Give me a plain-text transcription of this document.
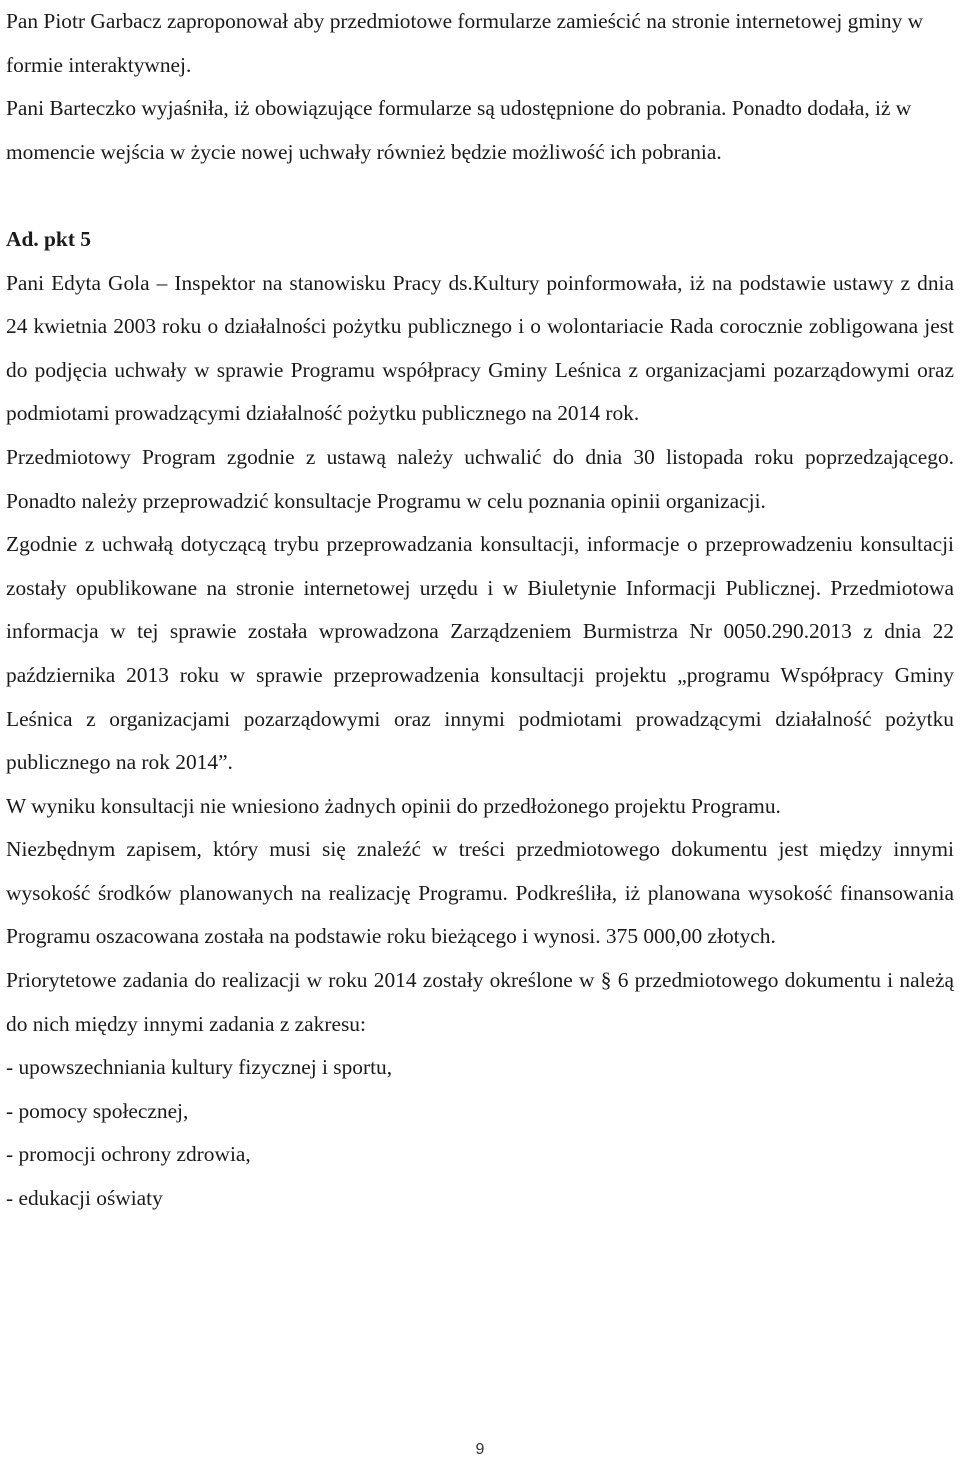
Pan Piotr Garbacz zaproponował aby przedmiotowe formularze zamieścić na stronie internetowej gminy w formie interaktywnej.

Pani Barteczko wyjaśniła, iż obowiązujące formularze są udostępnione do pobrania. Ponadto dodała, iż w momencie wejścia w życie nowej uchwały również będzie możliwość ich pobrania.

Ad. pkt 5

Pani Edyta Gola – Inspektor na stanowisku Pracy ds.Kultury poinformowała, iż na podstawie ustawy z dnia 24 kwietnia 2003 roku o działalności pożytku publicznego i o wolontariacie Rada corocznie zobligowana jest do podjęcia uchwały w sprawie Programu współpracy Gminy Leśnica z organizacjami pozarządowymi oraz podmiotami prowadzącymi działalność pożytku publicznego na 2014 rok.

Przedmiotowy Program zgodnie z ustawą należy uchwalić do dnia 30 listopada roku poprzedzającego. Ponadto należy przeprowadzić konsultacje Programu w celu poznania opinii organizacji.

Zgodnie z uchwałą dotyczącą trybu przeprowadzania konsultacji, informacje o przeprowadzeniu konsultacji zostały opublikowane na stronie internetowej urzędu i w Biuletynie Informacji Publicznej. Przedmiotowa informacja w tej sprawie została wprowadzona Zarządzeniem Burmistrza Nr 0050.290.2013 z dnia 22 października 2013 roku w sprawie przeprowadzenia konsultacji projektu „programu Współpracy Gminy Leśnica z organizacjami pozarządowymi oraz innymi podmiotami prowadzącymi działalność pożytku publicznego na rok 2014”.

W wyniku konsultacji nie wniesiono żadnych opinii do przedłożonego projektu Programu.

Niezbędnym zapisem, który musi się znaleźć w treści przedmiotowego dokumentu jest między innymi wysokość środków planowanych na realizację Programu. Podkreśliła, iż planowana wysokość finansowania Programu oszacowana została na podstawie roku bieżącego i wynosi. 375 000,00 złotych.

Priorytetowe zadania do realizacji w roku 2014 zostały określone w § 6 przedmiotowego dokumentu i należą do nich między innymi zadania z zakresu:

- upowszechniania kultury fizycznej i sportu,

- pomocy społecznej,

- promocji ochrony zdrowia,

- edukacji oświaty

9
